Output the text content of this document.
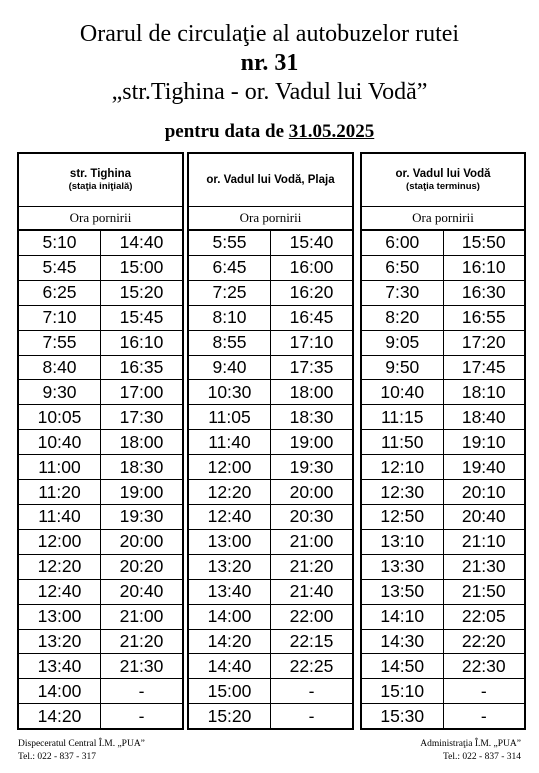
Orarul de circulaţie al autobuzelor rutei
nr. 31
„str.Tighina - or. Vadul lui Vodă”
pentru data de 31.05.2025
str. Tighina
(staţia iniţială)
Ora pornirii
5:10	14:40
5:45	15:00
6:25	15:20
7:10	15:45
7:55	16:10
8:40	16:35
9:30	17:00
10:05	17:30
10:40	18:00
11:00	18:30
11:20	19:00
11:40	19:30
12:00	20:00
12:20	20:20
12:40	20:40
13:00	21:00
13:20	21:20
13:40	21:30
14:00	-
14:20	-
or. Vadul lui Vodă, Plaja
Ora pornirii
5:55	15:40
6:45	16:00
7:25	16:20
8:10	16:45
8:55	17:10
9:40	17:35
10:30	18:00
11:05	18:30
11:40	19:00
12:00	19:30
12:20	20:00
12:40	20:30
13:00	21:00
13:20	21:20
13:40	21:40
14:00	22:00
14:20	22:15
14:40	22:25
15:00	-
15:20	-
or. Vadul lui Vodă
(staţia terminus)
Ora pornirii
6:00	15:50
6:50	16:10
7:30	16:30
8:20	16:55
9:05	17:20
9:50	17:45
10:40	18:10
11:15	18:40
11:50	19:10
12:10	19:40
12:30	20:10
12:50	20:40
13:10	21:10
13:30	21:30
13:50	21:50
14:10	22:05
14:30	22:20
14:50	22:30
15:10	-
15:30	-
Dispeceratul Central Î.M. „PUA”
Tel.: 022 - 837 - 317
Administraţia Î.M. „PUA”
Tel.: 022 - 837 - 314
